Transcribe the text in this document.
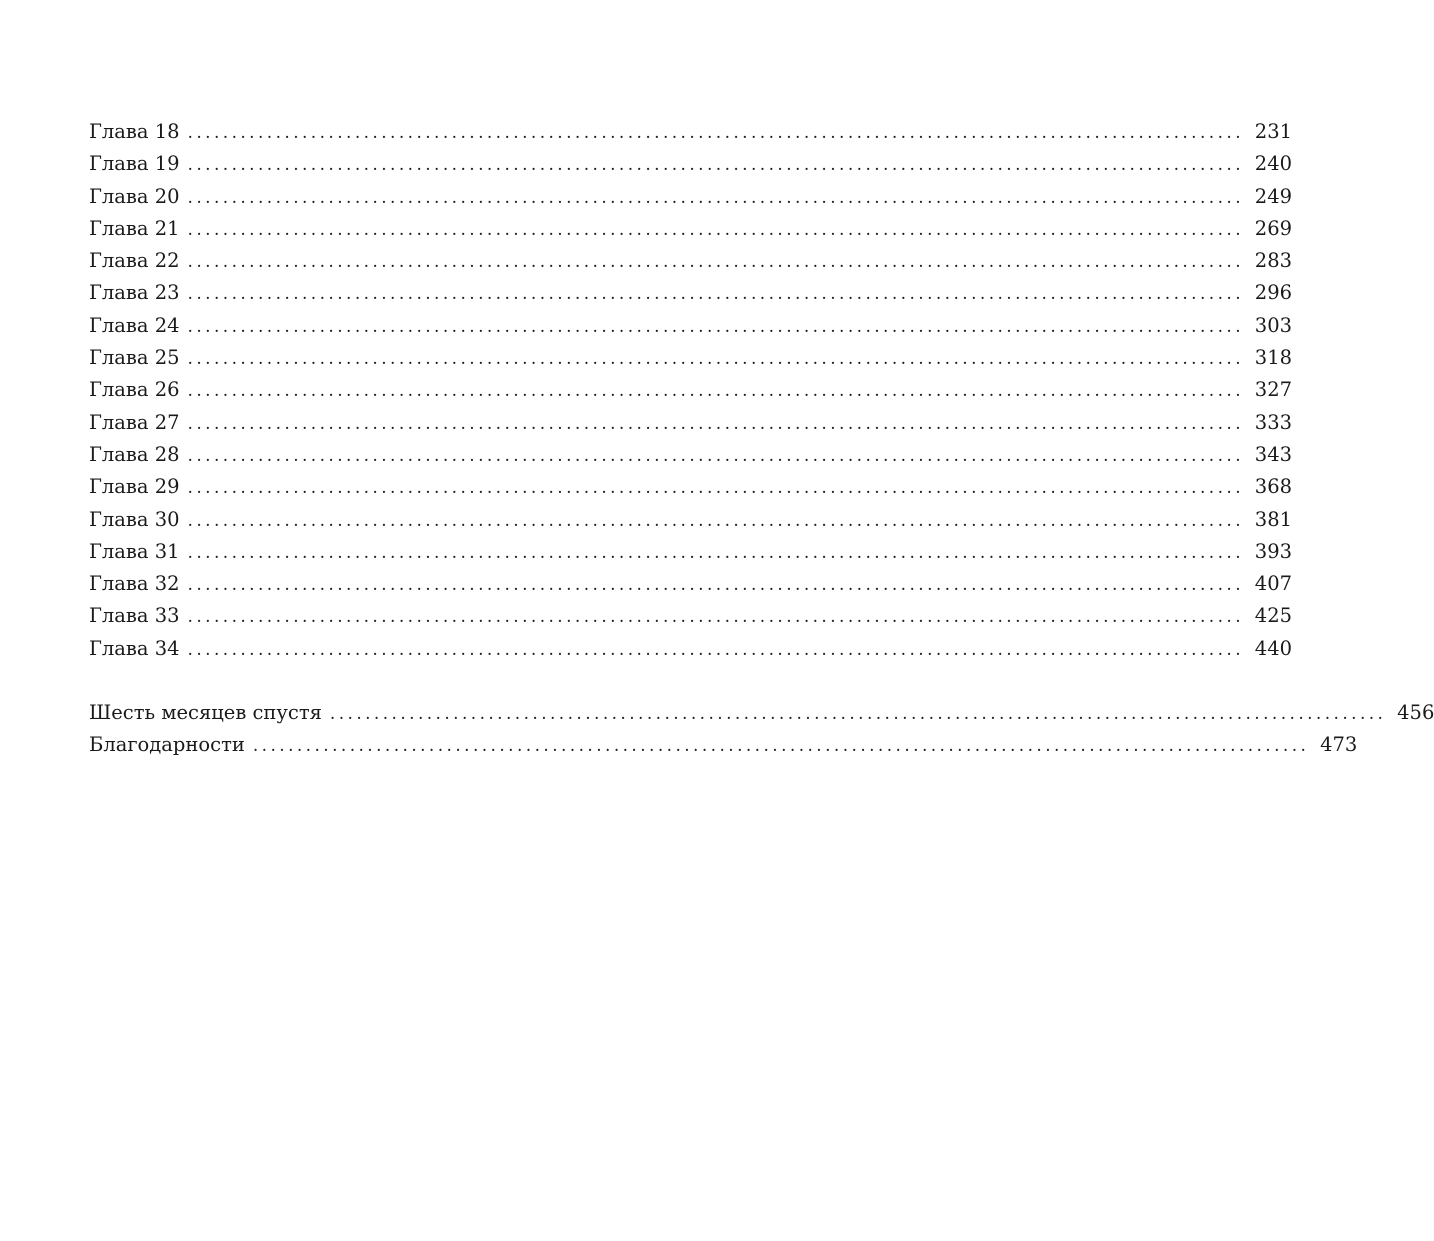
Глава 18 ........................................................................................................................ 231
Глава 19 ........................................................................................................................ 240
Глава 20 ........................................................................................................................ 249
Глава 21 ........................................................................................................................ 269
Глава 22 ........................................................................................................................ 283
Глава 23 ........................................................................................................................ 296
Глава 24 ........................................................................................................................ 303
Глава 25 ........................................................................................................................ 318
Глава 26 ........................................................................................................................ 327
Глава 27 ........................................................................................................................ 333
Глава 28 ........................................................................................................................ 343
Глава 29 ........................................................................................................................ 368
Глава 30 ........................................................................................................................ 381
Глава 31 ........................................................................................................................ 393
Глава 32 ........................................................................................................................ 407
Глава 33 ........................................................................................................................ 425
Глава 34 ........................................................................................................................ 440
Шесть месяцев спустя ........................................................................................................................ 456
Благодарности ........................................................................................................................ 473
